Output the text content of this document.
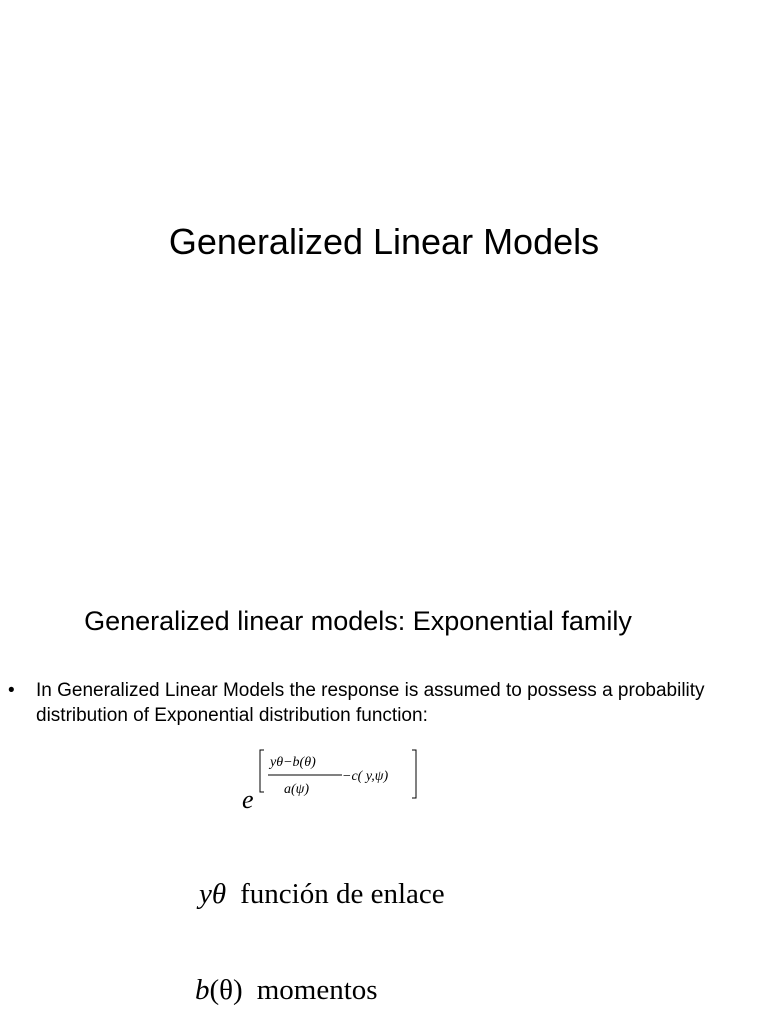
Generalized Linear Models
Generalized linear models: Exponential family
• In Generalized Linear Models the response is assumed to possess a probability distribution of Exponential distribution function:
e
yθ−b(θ)
a(ψ)
−c( y,ψ)
yθ función de enlace
b(θ) momentos
